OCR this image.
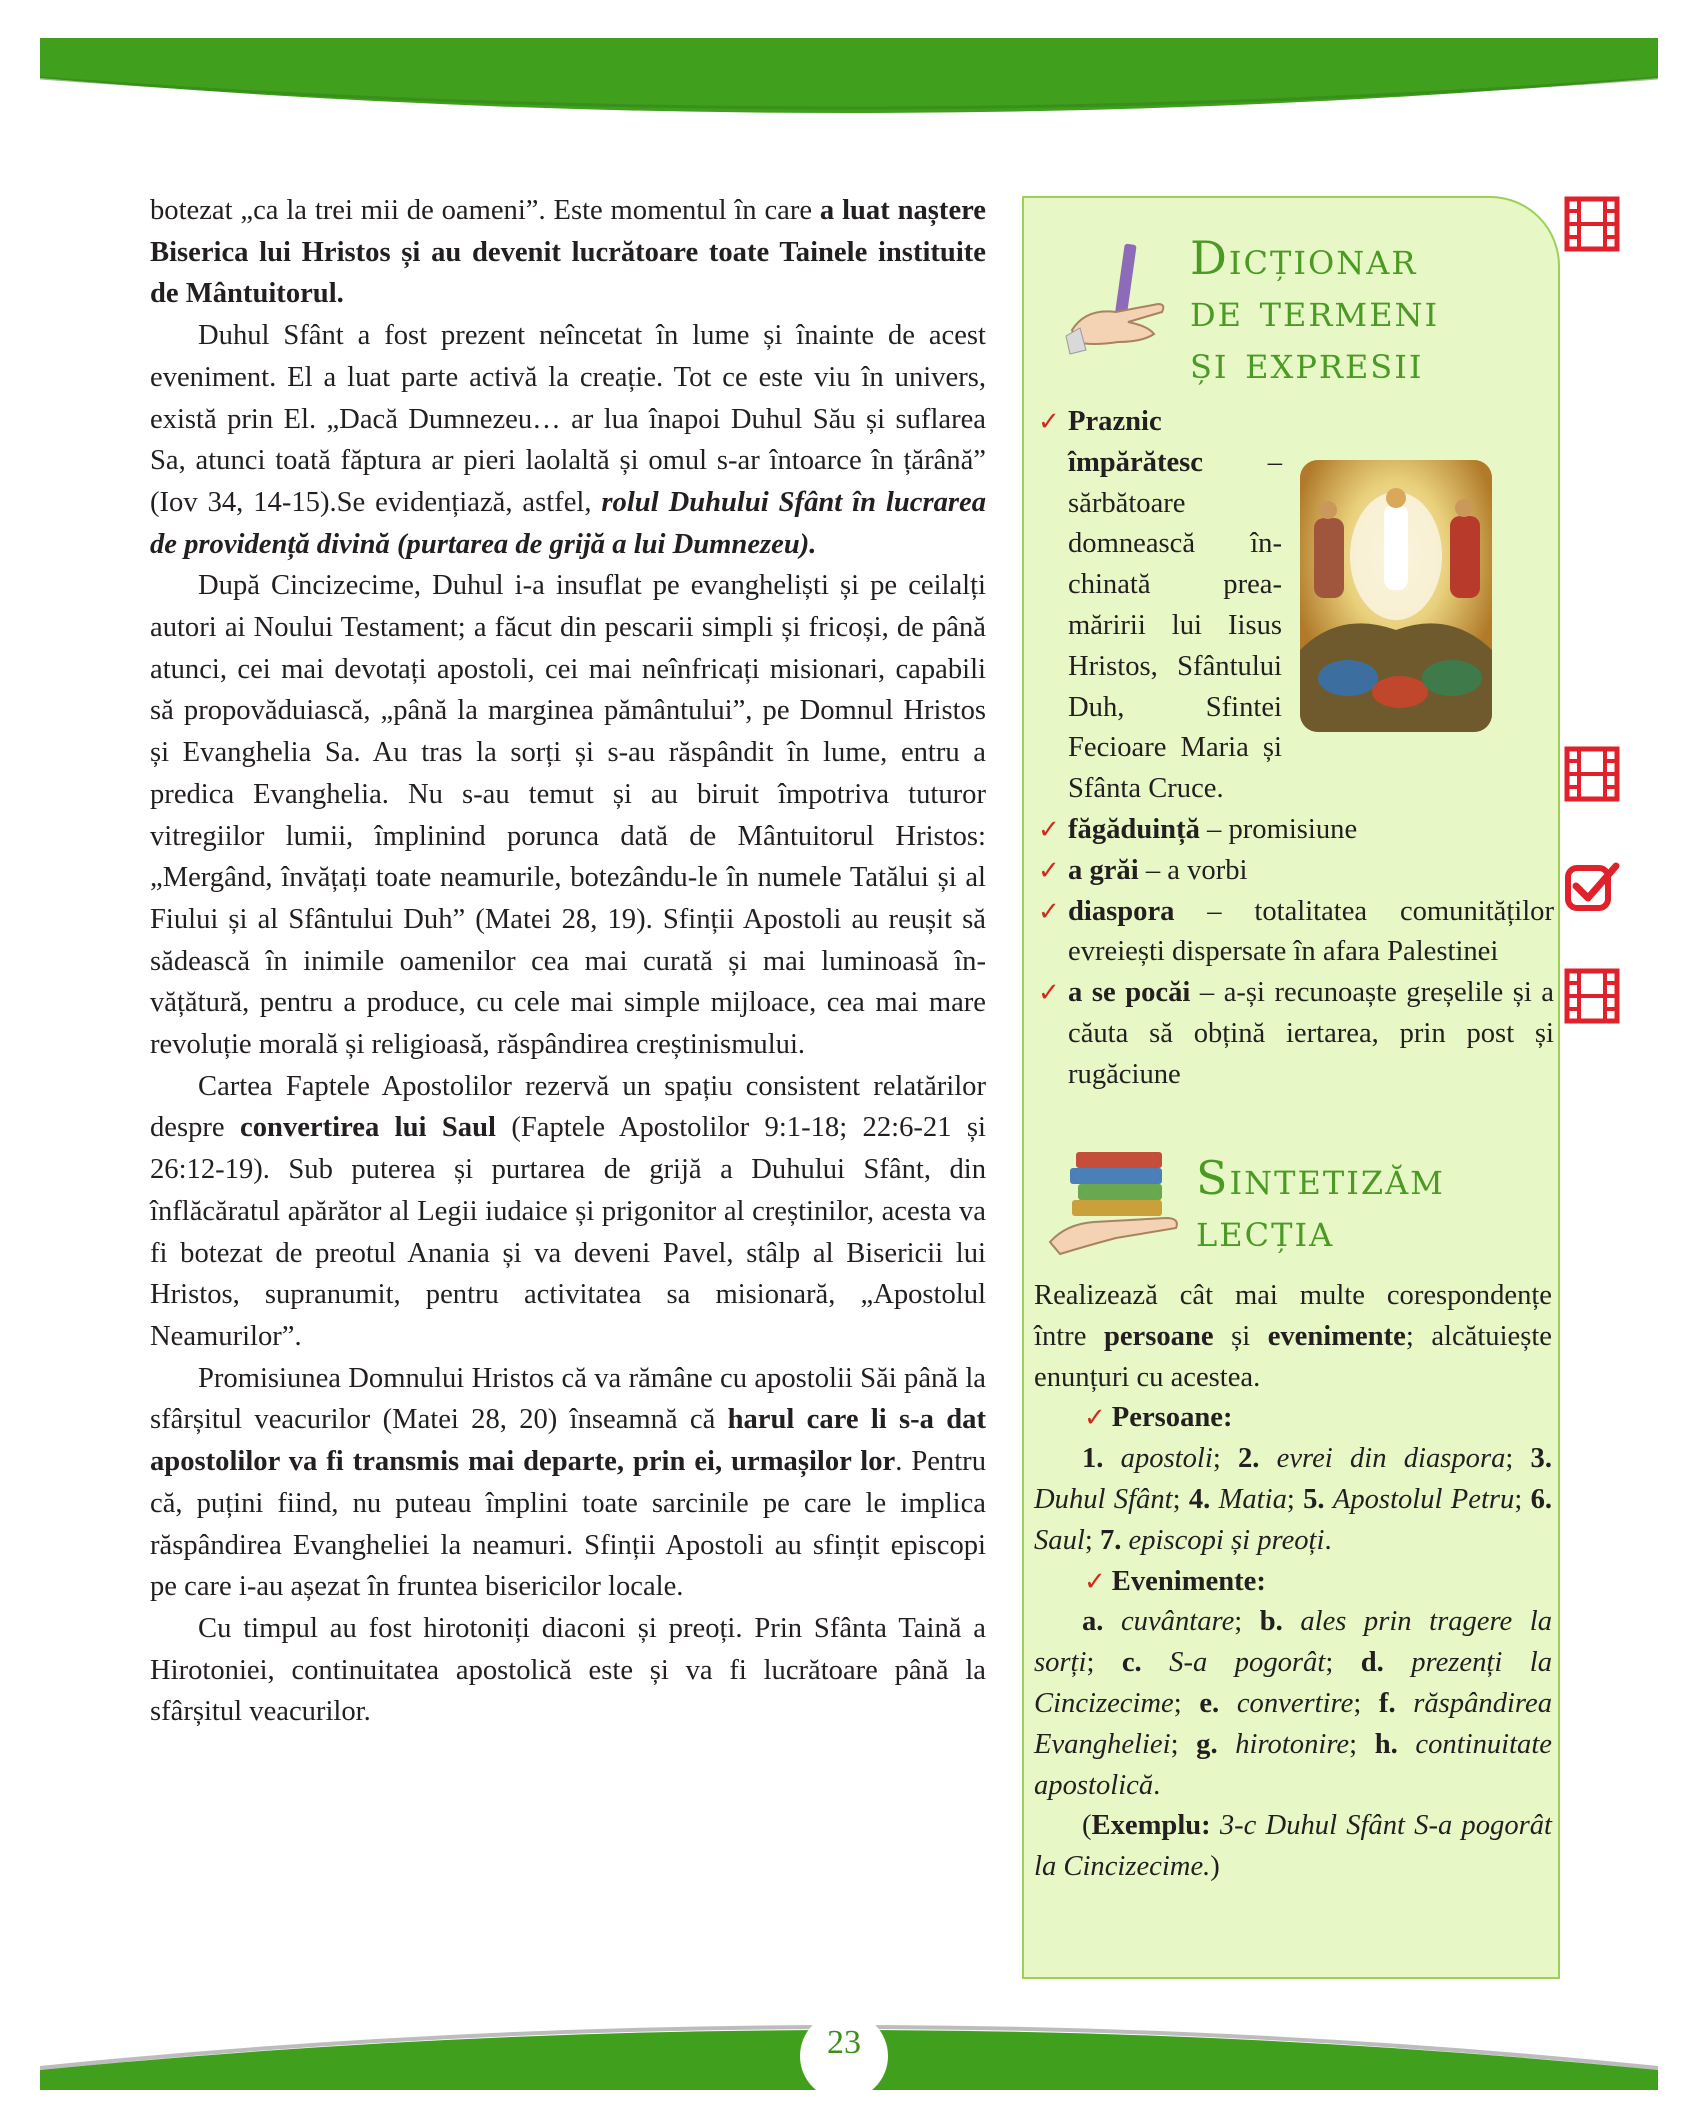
botezat „ca la trei mii de oameni”. Este momentul în care a luat naștere Biserica lui Hristos și au devenit lucrătoare toate Tainele instituite de Mântuitorul.

Duhul Sfânt a fost prezent neîncetat în lume și înainte de acest eveniment. El a luat parte activă la creație. Tot ce este viu în univers, există prin El. „Dacă Dumnezeu… ar lua înapoi Duhul Său și suflarea Sa, atunci toată făptura ar pieri laolaltă și omul s-ar întoarce în țărână” (Iov 34, 14-15).Se evidențiază, astfel, rolul Duhului Sfânt în lucrarea de providență divină (purtarea de grijă a lui Dumnezeu).

După Cincizecime, Duhul i-a insuflat pe evangheliști și pe ceilalți autori ai Noului Testament; a făcut din pescarii simpli și fricoși, de până atunci, cei mai devotați apostoli, cei mai neînfricați misionari, capabili să propovăduiască, „până la marginea pământului”, pe Domnul Hristos și Evanghelia Sa. Au tras la sorți și s-au răspândit în lume, entru a predica Evanghelia. Nu s-au temut și au biruit împotriva tuturor vitregiilor lumii, împlinind porunca dată de Mântuitorul Hristos: „Mergând, învățați toate neamurile, botezându-le în numele Tatălui și al Fiului și al Sfântului Duh” (Matei 28, 19). Sfinții Apostoli au reușit să sădească în inimile oamenilor cea mai curată și mai luminoasă învățătură, pentru a produce, cu cele mai simple mijloace, cea mai mare revoluție morală și religioasă, răspândirea creștinismului.

Cartea Faptele Apostolilor rezervă un spațiu consistent relatărilor despre convertirea lui Saul (Faptele Apostolilor 9:1-18; 22:6-21 și 26:12-19). Sub puterea și purtarea de grijă a Duhului Sfânt, din înflăcăratul apărător al Legii iudaice și prigonitor al creștinilor, acesta va fi botezat de preotul Anania și va deveni Pavel, stâlp al Bisericii lui Hristos, supranumit, pentru activitatea sa misionară, „Apostolul Neamurilor”.

Promisiunea Domnului Hristos că va rămâne cu apostolii Săi până la sfârșitul veacurilor (Matei 28, 20) înseamnă că harul care li s-a dat apostolilor va fi transmis mai departe, prin ei, urmașilor lor. Pentru că, puțini fiind, nu puteau împlini toate sarcinile pe care le implica răspândirea Evangheliei la neamuri. Sfinții Apostoli au sfințit episcopi pe care i-au așezat în fruntea bisericilor locale.

Cu timpul au fost hirotoniți diaconi și preoți. Prin Sfânta Taină a Hirotoniei, continuitatea apostolică este și va fi lucrătoare până la sfârșitul veacurilor.

Dicționar
de termeni
și expresii
✓ Praznic împărătesc – sărbătoare domnească închinată preamăririi lui Iisus Hristos, Sfântului Duh, Sfintei Fecioare Maria și Sfânta Cruce.
✓ făgăduință – promisiune
✓ a grăi – a vorbi
✓ diaspora – totalitatea comunităților evreiești dispersate în afara Palestinei
✓ a se pocăi – a-și recunoaște greșelile și a căuta să obțină iertarea, prin post și rugăciune
Sintetizăm
lecția

Realizează cât mai multe corespondențe între persoane și evenimente; alcătuiește enunțuri cu acestea.

✓ Persoane:

1. apostoli; 2. evrei din diaspora; 3. Duhul Sfânt; 4. Matia; 5. Apostolul Petru; 6. Saul; 7. episcopi și preoți.

✓ Evenimente:

a. cuvântare; b. ales prin tragere la sorți; c. S-a pogorât; d. prezenți la Cincizecime; e. convertire; f. răspândirea Evangheliei; g. hirotonire; h. continuitate apostolică.

(Exemplu: 3-c Duhul Sfânt S-a pogorât la Cincizecime.)

23
